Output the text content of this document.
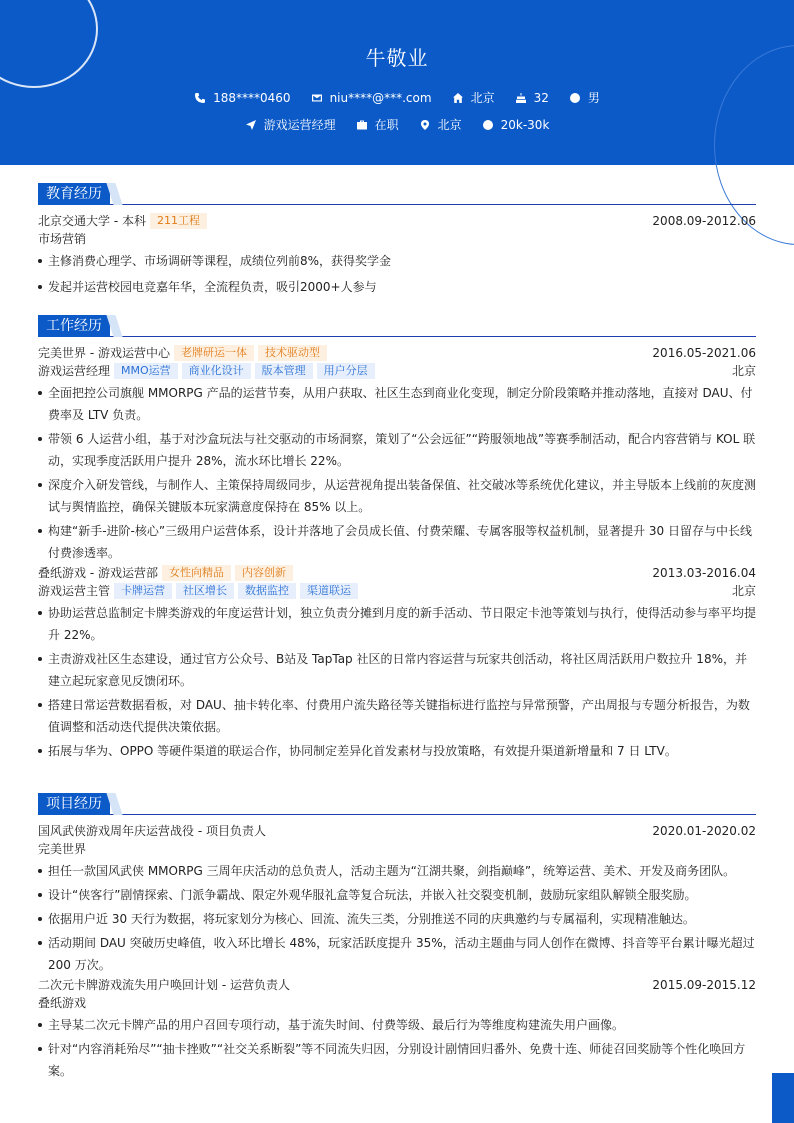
牛敬业
188****0460	niu****@***.com	北京	32	男
游戏运营经理	在职	北京	20k-30k
教育经历
北京交通大学 - 本科	211工程	2008.09-2012.06
市场营销
主修消费心理学、市场调研等课程，成绩位列前8%，获得奖学金
发起并运营校园电竞嘉年华，全流程负责，吸引2000+人参与
工作经历
完美世界 - 游戏运营中心	老牌研运一体	技术驱动型	2016.05-2021.06
游戏运营经理	MMO运营	商业化设计	版本管理	用户分层	北京
全面把控公司旗舰 MMORPG 产品的运营节奏，从用户获取、社区生态到商业化变现，制定分阶段策略并推动落地，直接对 DAU、付费率及 LTV 负责。
带领 6 人运营小组，基于对沙盒玩法与社交驱动的市场洞察，策划了“公会远征”“跨服领地战”等赛季制活动，配合内容营销与 KOL 联动，实现季度活跃用户提升 28%，流水环比增长 22%。
深度介入研发管线，与制作人、主策保持周级同步，从运营视角提出装备保值、社交破冰等系统优化建议，并主导版本上线前的灰度测试与舆情监控，确保关键版本玩家满意度保持在 85% 以上。
构建“新手-进阶-核心”三级用户运营体系，设计并落地了会员成长值、付费荣耀、专属客服等权益机制，显著提升 30 日留存与中长线付费渗透率。
叠纸游戏 - 游戏运营部	女性向精品	内容创新	2013.03-2016.04
游戏运营主管	卡牌运营	社区增长	数据监控	渠道联运	北京
协助运营总监制定卡牌类游戏的年度运营计划，独立负责分摊到月度的新手活动、节日限定卡池等策划与执行，使得活动参与率平均提升 22%。
主责游戏社区生态建设，通过官方公众号、B站及 TapTap 社区的日常内容运营与玩家共创活动，将社区周活跃用户数拉升 18%，并建立起玩家意见反馈闭环。
搭建日常运营数据看板，对 DAU、抽卡转化率、付费用户流失路径等关键指标进行监控与异常预警，产出周报与专题分析报告，为数值调整和活动迭代提供决策依据。
拓展与华为、OPPO 等硬件渠道的联运合作，协同制定差异化首发素材与投放策略，有效提升渠道新增量和 7 日 LTV。
项目经历
国风武侠游戏周年庆运营战役 - 项目负责人	2020.01-2020.02
完美世界
担任一款国风武侠 MMORPG 三周年庆活动的总负责人，活动主题为“江湖共聚，剑指巅峰”，统筹运营、美术、开发及商务团队。
设计“侠客行”剧情探索、门派争霸战、限定外观华服礼盒等复合玩法，并嵌入社交裂变机制，鼓励玩家组队解锁全服奖励。
依据用户近 30 天行为数据，将玩家划分为核心、回流、流失三类，分别推送不同的庆典邀约与专属福利，实现精准触达。
活动期间 DAU 突破历史峰值，收入环比增长 48%，玩家活跃度提升 35%，活动主题曲与同人创作在微博、抖音等平台累计曝光超过 200 万次。
二次元卡牌游戏流失用户唤回计划 - 运营负责人	2015.09-2015.12
叠纸游戏
主导某二次元卡牌产品的用户召回专项行动，基于流失时间、付费等级、最后行为等维度构建流失用户画像。
针对“内容消耗殆尽”“抽卡挫败”“社交关系断裂”等不同流失归因，分别设计剧情回归番外、免费十连、师徒召回奖励等个性化唤回方案。
